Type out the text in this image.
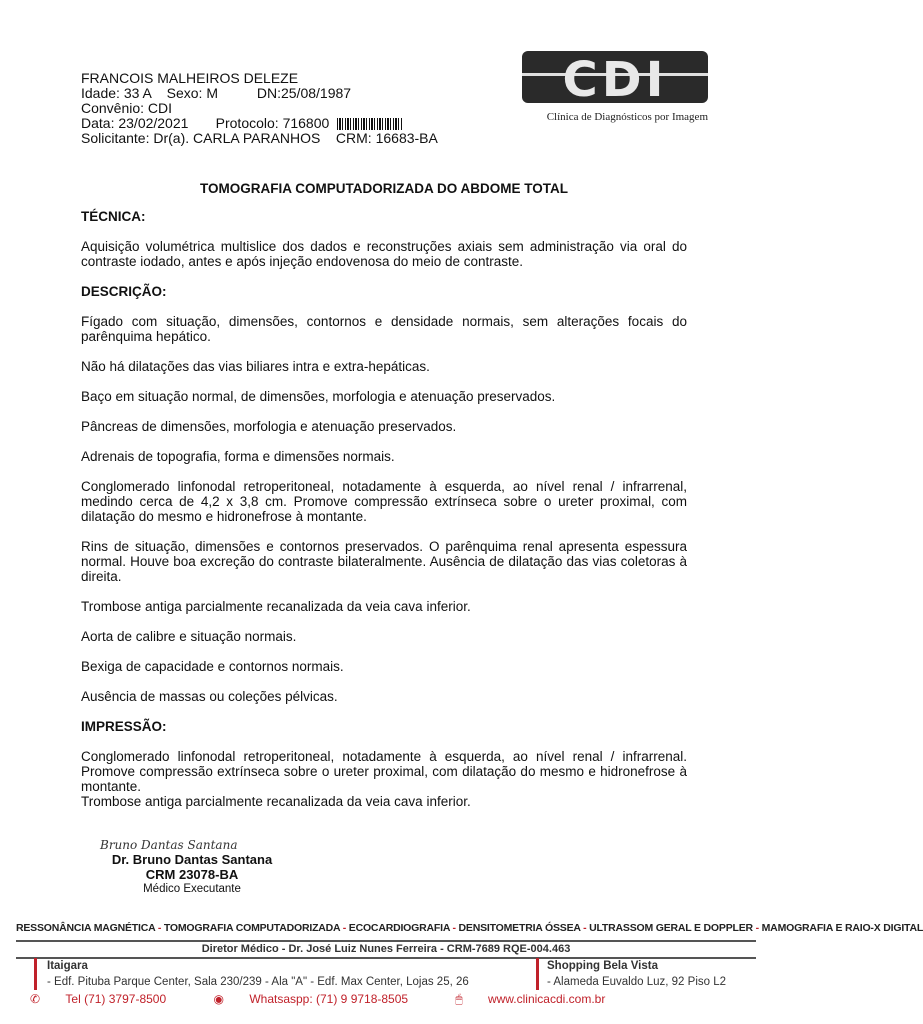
FRANCOIS MALHEIROS DELEZE
Idade: 33 A    Sexo: M          DN:25/08/1987
Convênio: CDI
Data: 23/02/2021       Protocolo: 716800
Solicitante: Dr(a). CARLA PARANHOS    CRM: 16683-BA
CDI
Clínica de Diagnósticos por Imagem
TOMOGRAFIA COMPUTADORIZADA DO ABDOME TOTAL
TÉCNICA:

Aquisição volumétrica multislice dos dados e reconstruções axiais sem administração via oral do contraste iodado, antes e após injeção endovenosa do meio de contraste.

DESCRIÇÃO:

Fígado com situação, dimensões, contornos e densidade normais, sem alterações focais do parênquima hepático.

Não há dilatações das vias biliares intra e extra-hepáticas.

Baço em situação normal, de dimensões, morfologia e atenuação preservados.

Pâncreas de dimensões, morfologia e atenuação preservados.

Adrenais de topografia, forma e dimensões normais.

Conglomerado linfonodal retroperitoneal, notadamente à esquerda, ao nível renal / infrarrenal, medindo cerca de 4,2 x 3,8 cm. Promove compressão extrínseca sobre o ureter proximal, com dilatação do mesmo e hidronefrose à montante.

Rins de situação, dimensões e contornos preservados. O parênquima renal apresenta espessura normal. Houve boa excreção do contraste bilateralmente. Ausência de dilatação das vias coletoras à direita.

Trombose antiga parcialmente recanalizada da veia cava inferior.

Aorta de calibre e situação normais.

Bexiga de capacidade e contornos normais.

Ausência de massas ou coleções pélvicas.

IMPRESSÃO:

Conglomerado linfonodal retroperitoneal, notadamente à esquerda, ao nível renal / infrarrenal. Promove compressão extrínseca sobre o ureter proximal, com dilatação do mesmo e hidronefrose à montante.

Trombose antiga parcialmente recanalizada da veia cava inferior.

Bruno Dantas Santana
Dr. Bruno Dantas Santana
CRM 23078-BA
Médico Executante
RESSONÂNCIA MAGNÉTICA - TOMOGRAFIA COMPUTADORIZADA - ECOCARDIOGRAFIA - DENSITOMETRIA ÓSSEA - ULTRASSOM GERAL E DOPPLER - MAMOGRAFIA E RAIO-X DIGITAL
Diretor Médico - Dr. José Luiz Nunes Ferreira - CRM-7689 RQE-004.463
Itaigara
- Edf. Pituba Parque Center, Sala 230/239 - Ala "A" - Edf. Max Center, Lojas 25, 26
Shopping Bela Vista
- Alameda Euvaldo Luz, 92 Piso L2
✆ Tel (71) 3797-8500	◉ Whatsaspp: (71) 9 9718-8505	🖱 www.clinicacdi.com.br
